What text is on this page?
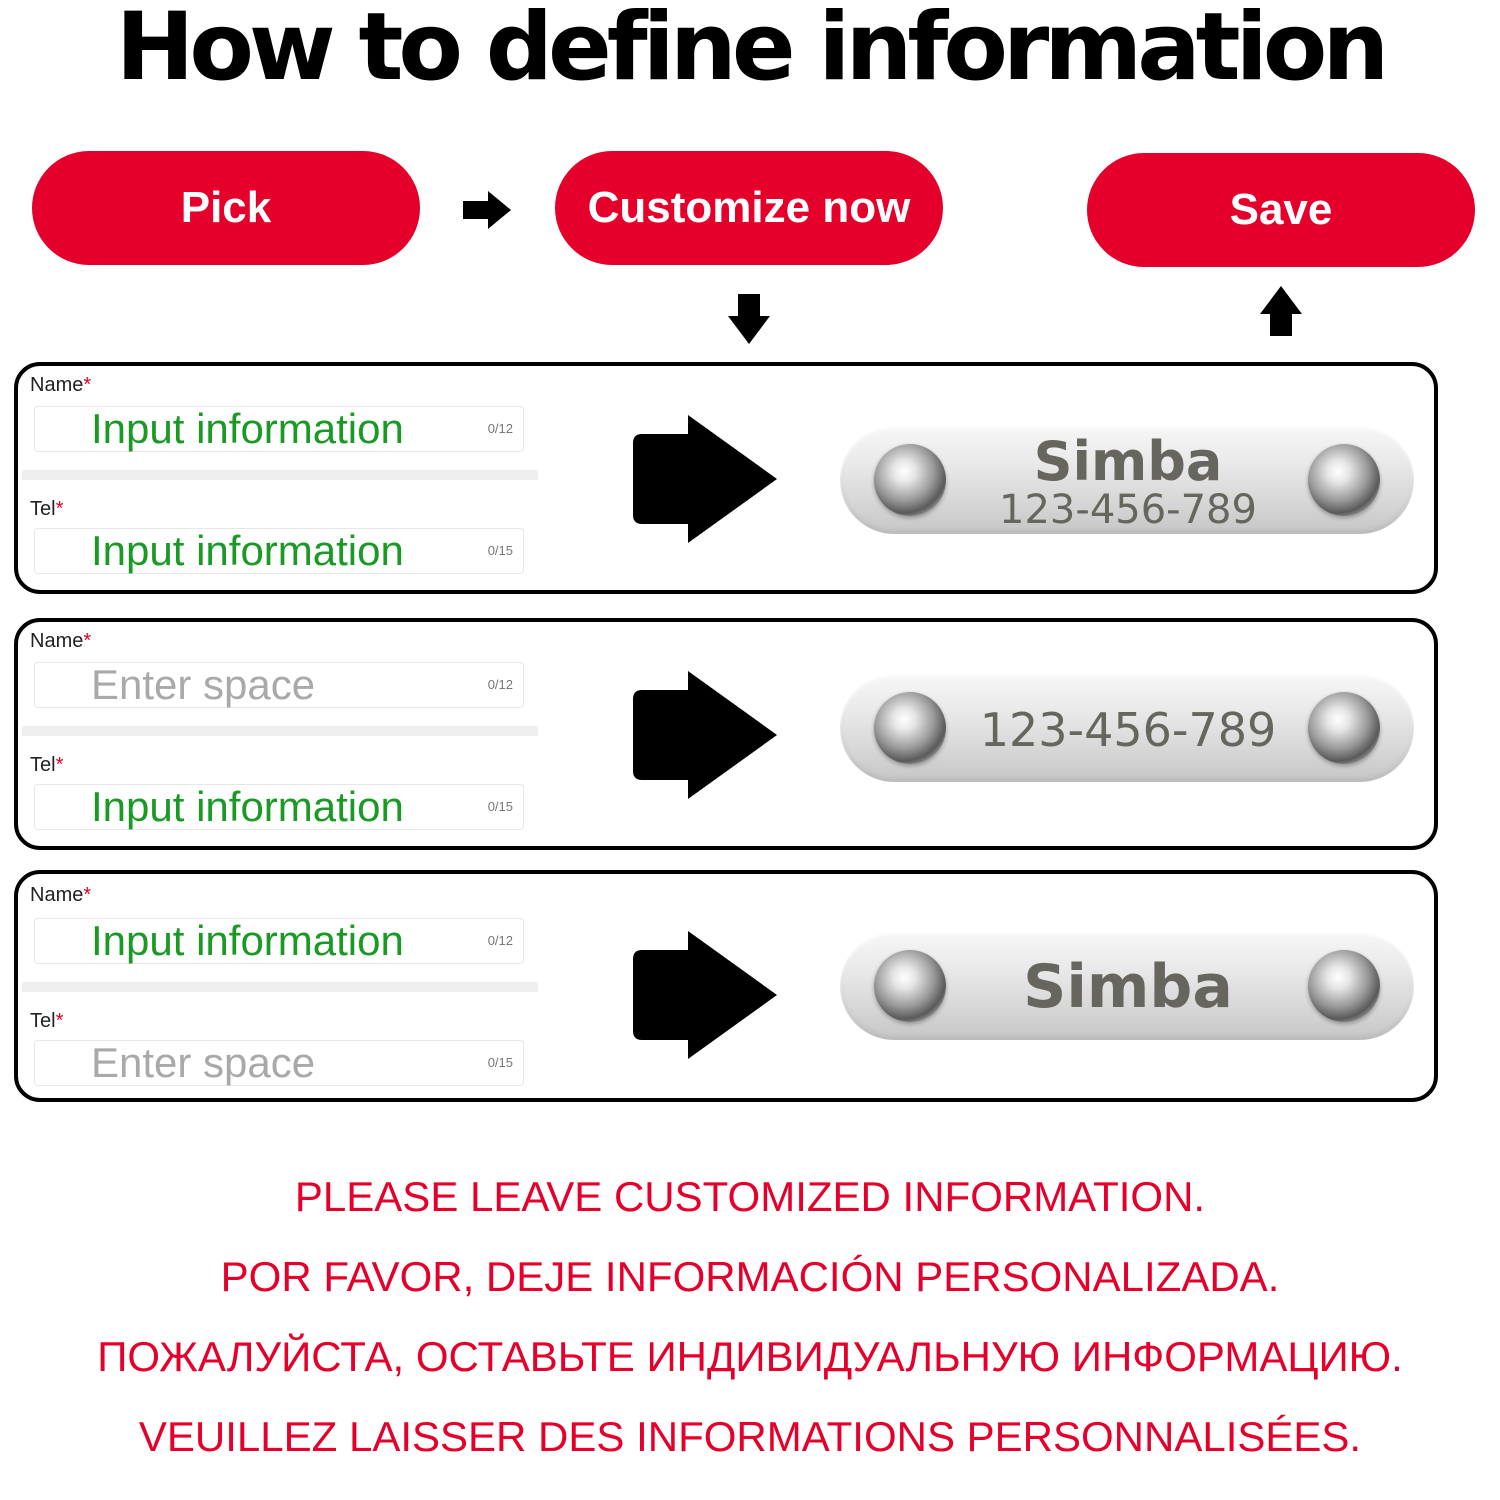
How to define information
Pick	Customize now	Save
Name*
Input information	0/12
Tel*
Input information	0/15
Simba
123-456-789
Name*
Enter space	0/12
Tel*
Input information	0/15
123-456-789
Name*
Input information	0/12
Tel*
Enter space	0/15
Simba
PLEASE LEAVE CUSTOMIZED INFORMATION.
POR FAVOR, DEJE INFORMACIÓN PERSONALIZADA.
ПОЖАЛУЙСТА, ОСТАВЬТЕ ИНДИВИДУАЛЬНУЮ ИНФОРМАЦИЮ.
VEUILLEZ LAISSER DES INFORMATIONS PERSONNALISÉES.
